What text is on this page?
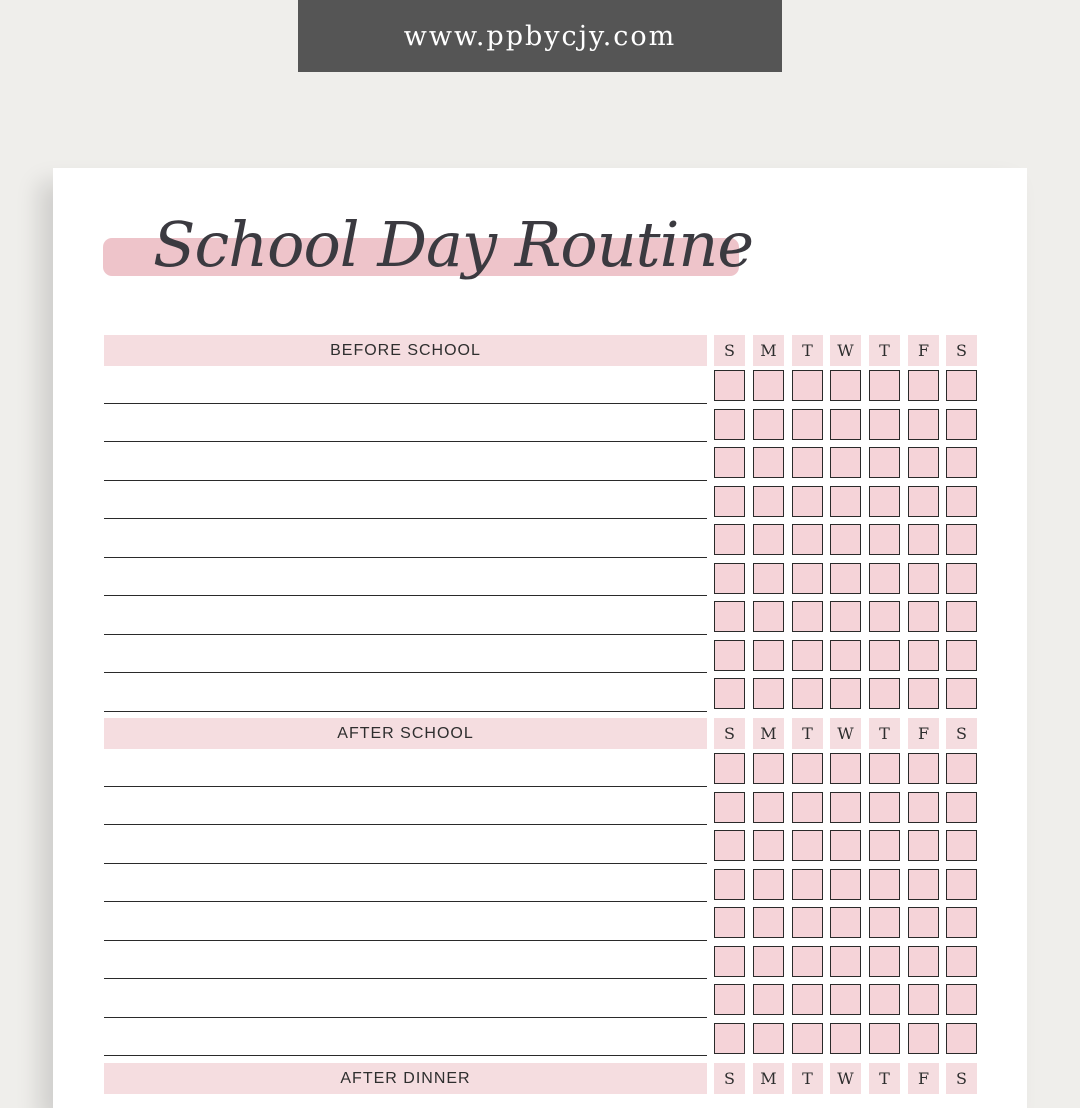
www.ppbycjy.com
School Day Routine
BEFORE SCHOOL	S	M	T	W	T	F	S
AFTER SCHOOL	S	M	T	W	T	F	S
AFTER DINNER	S	M	T	W	T	F	S
